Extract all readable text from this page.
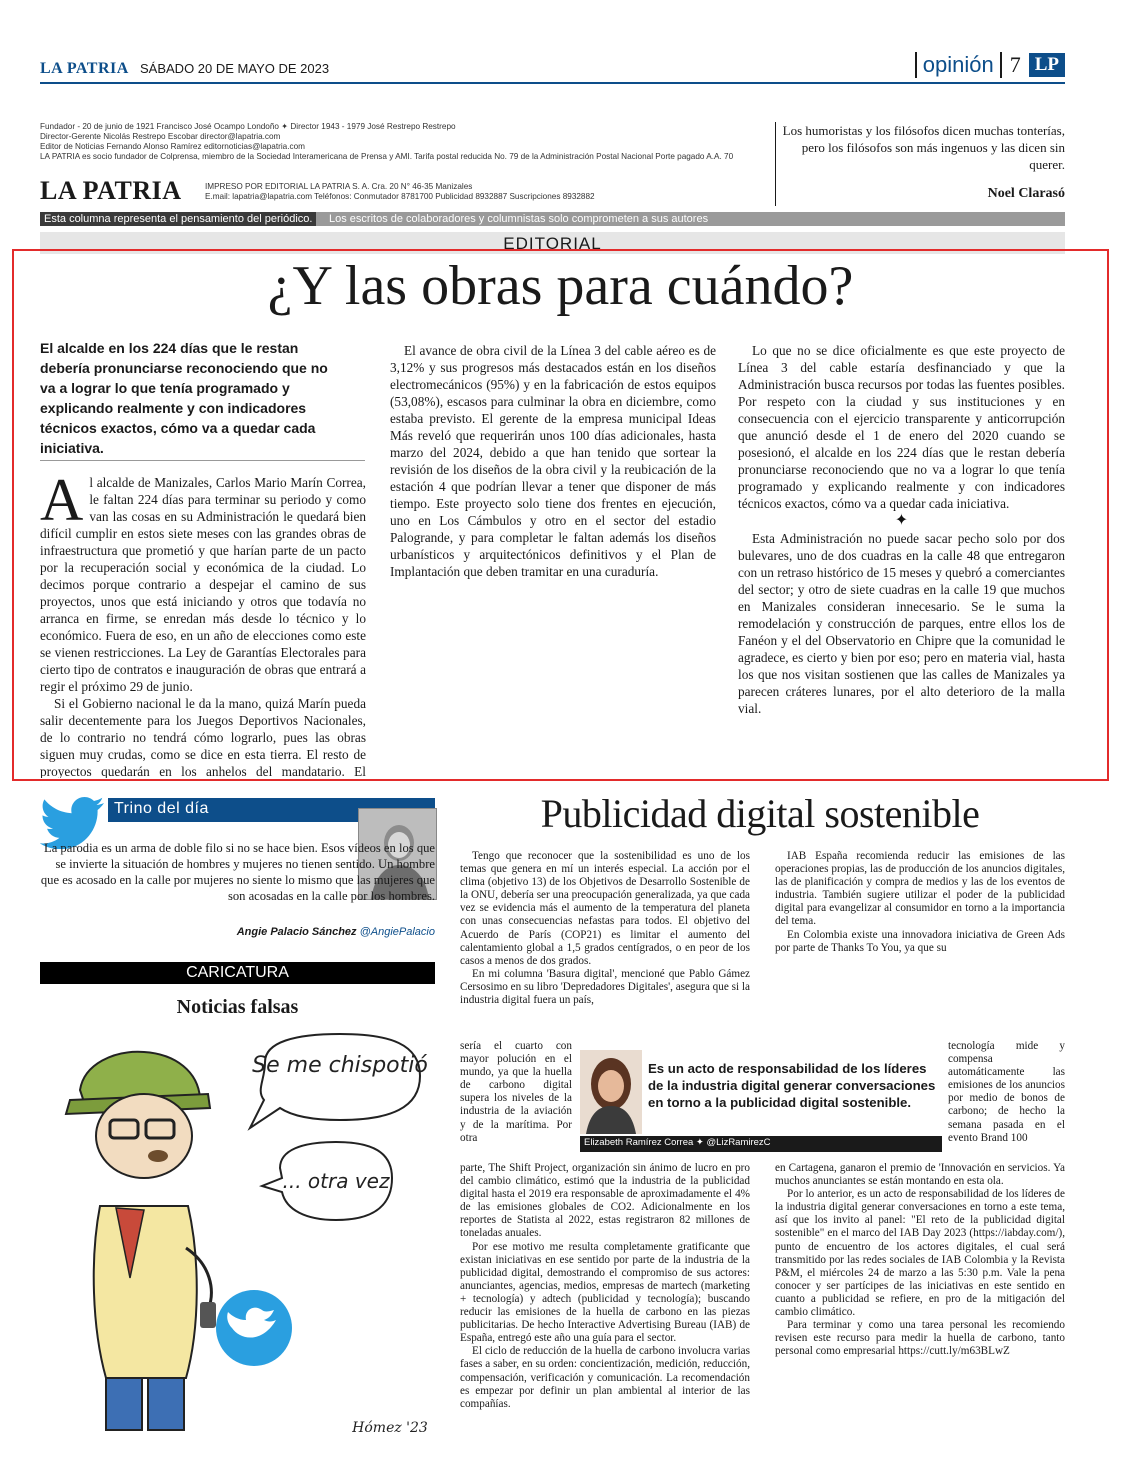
LA PATRIA SÁBADO 20 DE MAYO DE 2023	opinión 7 LP
Fundador - 20 de junio de 1921 Francisco José Ocampo Londoño ✦ Director 1943 - 1979 José Restrepo Restrepo
Director-Gerente Nicolás Restrepo Escobar director@lapatria.com
Editor de Noticias Fernando Alonso Ramírez editornoticias@lapatria.com
LA PATRIA es socio fundador de Colprensa, miembro de la Sociedad Interamericana de Prensa y AMI. Tarifa postal reducida No. 79 de la Administración Postal Nacional Porte pagado A.A. 70
LA PATRIA	IMPRESO POR EDITORIAL LA PATRIA S. A. Cra. 20 N° 46-35 Manizales
E.mail: lapatria@lapatria.com Teléfonos: Conmutador 8781700 Publicidad 8932887 Suscripciones 8932882
Los humoristas y los filósofos dicen muchas tonterías, pero los filósofos son más ingenuos y las dicen sin querer.
Noel Clarasó
Esta columna representa el pensamiento del periódico.	Los escritos de colaboradores y columnistas solo comprometen a sus autores
EDITORIAL
¿Y las obras para cuándo?
El alcalde en los 224 días que le restan debería pronunciarse reconociendo que no va a lograr lo que tenía programado y explicando realmente y con indicadores técnicos exactos, cómo va a quedar cada iniciativa.
A l alcalde de Manizales, Carlos Mario Marín Correa, le faltan 224 días para terminar su periodo y como van las cosas en su Administración le quedará bien difícil cumplir en estos siete meses con las grandes obras de infraestructura que prometió y que harían parte de un pacto por la recuperación social y económica de la ciudad. Lo decimos porque contrario a despejar el camino de sus proyectos, unos que está iniciando y otros que todavía no arranca en firme, se enredan más desde lo técnico y lo económico. Fuera de eso, en un año de elecciones como este se vienen restricciones. La Ley de Garantías Electorales para cierto tipo de contratos e inauguración de obras que entrará a regir el próximo 29 de junio.

Si el Gobierno nacional le da la mano, quizá Marín pueda salir decentemente para los Juegos Deportivos Nacionales, de lo contrario no tendrá cómo lograrlo, pues las obras siguen muy crudas, como se dice en esta tierra. El resto de proyectos quedarán en los anhelos del mandatario. El

El avance de obra civil de la Línea 3 del cable aéreo es de 3,12% y sus progresos más destacados están en los diseños electromecánicos (95%) y en la fabricación de estos equipos (53,08%), escasos para culminar la obra en diciembre, como estaba previsto. El gerente de la empresa municipal Ideas Más reveló que requerirán unos 100 días adicionales, hasta marzo del 2024, debido a que han tenido que sortear la revisión de los diseños de la obra civil y la reubicación de la estación 4 que podrían llevar a tener que disponer de más tiempo. Este proyecto solo tiene dos frentes en ejecución, uno en Los Cámbulos y otro en el sector del estadio Palogrande, y para completar le faltan además los diseños urbanísticos y arquitectónicos definitivos y el Plan de Implantación que deben tramitar en una curaduría.

Lo que no se dice oficialmente es que este proyecto de Línea 3 del cable estaría desfinanciado y que la Administración busca recursos por todas las fuentes posibles. Por respeto con la ciudad y sus instituciones y en consecuencia con el ejercicio transparente y anticorrupción que anunció desde el 1 de enero del 2020 cuando se posesionó, el alcalde en los 224 días que le restan debería pronunciarse reconociendo que no va a lograr lo que tenía programado y explicando realmente y con indicadores técnicos exactos, cómo va a quedar cada iniciativa.

✦

Esta Administración no puede sacar pecho solo por dos bulevares, uno de dos cuadras en la calle 48 que entregaron con un retraso histórico de 15 meses y quebró a comerciantes del sector; y otro de siete cuadras en la calle 19 que muchos en Manizales consideran innecesario. Se le suma la remodelación y construcción de parques, entre ellos los de Fanéon y el del Observatorio en Chipre que la comunidad le agradece, es cierto y bien por eso; pero en materia vial, hasta los que nos visitan sostienen que las calles de Manizales ya parecen cráteres lunares, por el alto deterioro de la malla vial.

Trino del día
La parodia es un arma de doble filo si no se hace bien. Esos vídeos en los que se invierte la situación de hombres y mujeres no tienen sentido. Un hombre que es acosado en la calle por mujeres no siente lo mismo que las mujeres que son acosadas en la calle por los hombres.
Angie Palacio Sánchez @AngiePalacio
CARICATURA
Noticias falsas
Se me chispotió
... otra vez
Hómez '23
Publicidad digital sostenible

Tengo que reconocer que la sostenibilidad es uno de los temas que genera en mí un interés especial. La acción por el clima (objetivo 13) de los Objetivos de Desarrollo Sostenible de la ONU, debería ser una preocupación generalizada, ya que cada vez se evidencia más el aumento de la temperatura del planeta con unas consecuencias nefastas para todos. El objetivo del Acuerdo de París (COP21) es limitar el aumento del calentamiento global a 1,5 grados centígrados, o en peor de los casos a menos de dos grados.

En mi columna 'Basura digital', mencioné que Pablo Gámez Cersosimo en su libro 'Depredadores Digitales', asegura que si la industria digital fuera un país,

sería el cuarto con mayor polución en el mundo, ya que la huella de carbono digital supera los niveles de la industria de la aviación y de la marítima. Por otra

parte, The Shift Project, organización sin ánimo de lucro en pro del cambio climático, estimó que la industria de la publicidad digital hasta el 2019 era responsable de aproximadamente el 4% de las emisiones globales de CO2. Adicionalmente en los reportes de Statista al 2022, estas registraron 82 millones de toneladas anuales.

Por ese motivo me resulta completamente gratificante que existan iniciativas en ese sentido por parte de la industria de la publicidad digital, demostrando el compromiso de sus actores: anunciantes, agencias, medios, empresas de martech (marketing + tecnología) y adtech (publicidad y tecnología); buscando reducir las emisiones de la huella de carbono en las piezas publicitarias. De hecho Interactive Advertising Bureau (IAB) de España, entregó este año una guía para el sector.

El ciclo de reducción de la huella de carbono involucra varias fases a saber, en su orden: concientización, medición, reducción, compensación, verificación y comunicación. La recomendación es empezar por definir un plan ambiental al interior de las compañías.

IAB España recomienda reducir las emisiones de las operaciones propias, las de producción de los anuncios digitales, las de planificación y compra de medios y las de los eventos de industria. También sugiere utilizar el poder de la publicidad digital para evangelizar al consumidor en torno a la importancia del tema.

En Colombia existe una innovadora iniciativa de Green Ads por parte de Thanks To You, ya que su

tecnología mide y compensa automáticamente las emisiones de los anuncios por medio de bonos de carbono; de hecho la semana pasada en el evento Brand 100

en Cartagena, ganaron el premio de 'Innovación en servicios. Ya muchos anunciantes se están montando en esta ola.

Por lo anterior, es un acto de responsabilidad de los líderes de la industria digital generar conversaciones en torno a este tema, así que los invito al panel: "El reto de la publicidad digital sostenible" en el marco del IAB Day 2023 (https://iabday.com/), punto de encuentro de los actores digitales, el cual será transmitido por las redes sociales de IAB Colombia y la Revista P&M, el miércoles 24 de marzo a las 5:30 p.m. Vale la pena conocer y ser partícipes de las iniciativas en este sentido en cuanto a publicidad se refiere, en pro de la mitigación del cambio climático.

Para terminar y como una tarea personal les recomiendo revisen este recurso para medir la huella de carbono, tanto personal como empresarial https://cutt.ly/m63BLwZ

Es un acto de responsabilidad de los líderes de la industria digital generar conversaciones en torno a la publicidad digital sostenible.
Elizabeth Ramírez Correa ✦ @LizRamirezC
